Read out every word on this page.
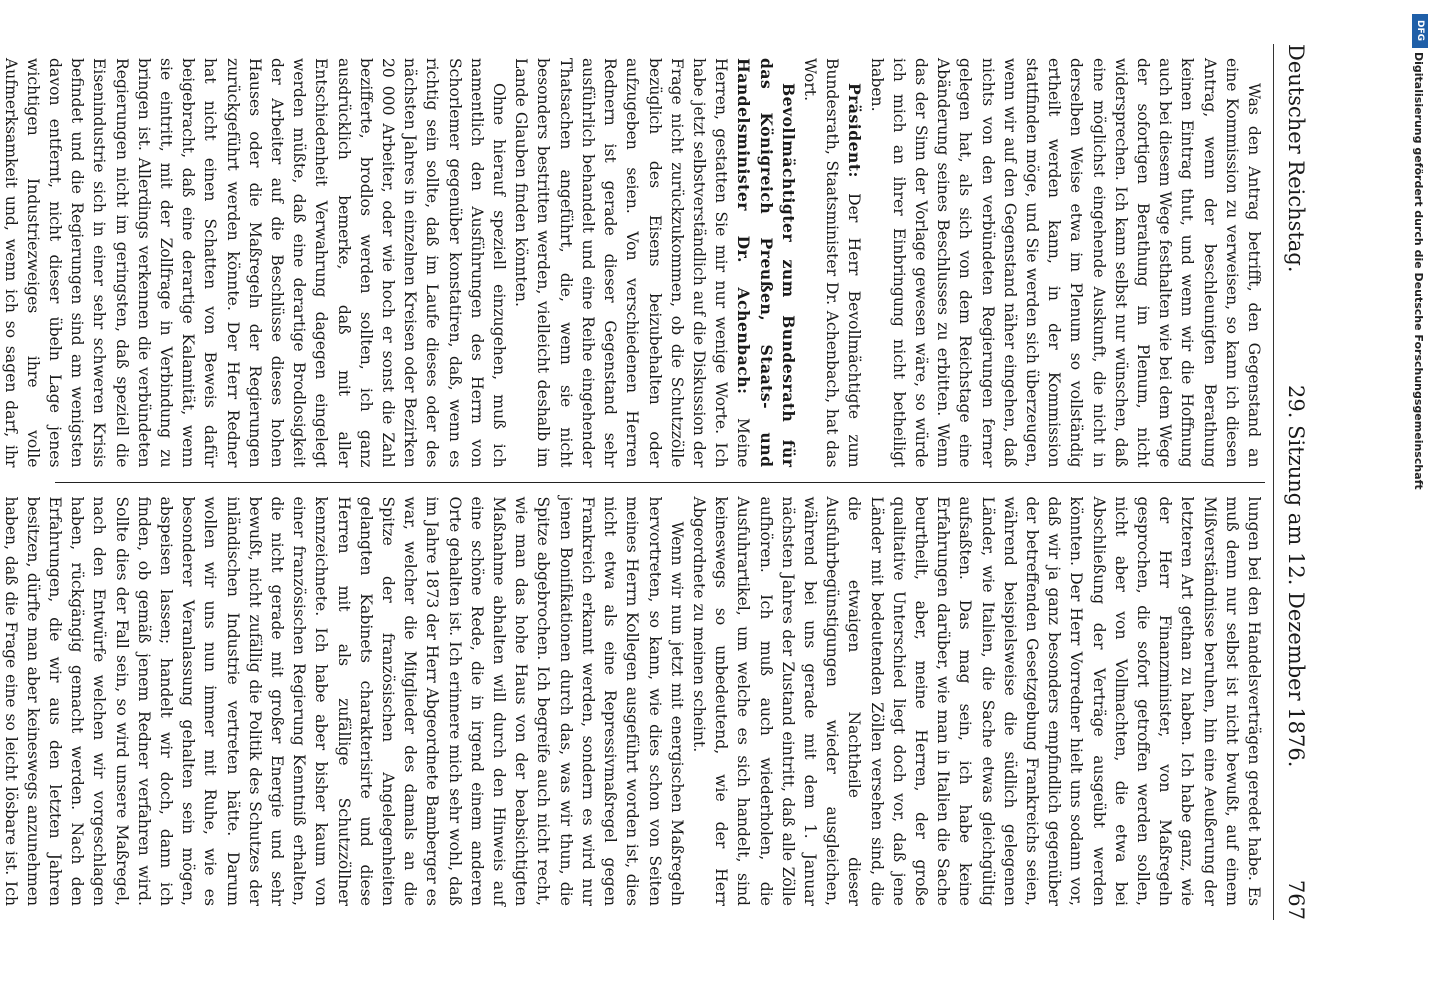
Deutscher Reichstag.
29. Sitzung am 12. Dezember 1876.
767

Was den Antrag betrifft, den Gegenstand an eine Kommission zu verweisen, so kann ich diesen Antrag, wenn der beschleunigten Berathung keinen Eintrag thut, und wenn wir die Hoffnung auch bei diesem Wege festhalten wie bei dem Wege der sofortigen Berathung im Plenum, nicht widersprechen. Ich kann selbst nur wünschen, daß eine möglichst eingehende Auskunft, die nicht in derselben Weise etwa im Plenum so vollständig ertheilt werden kann, in der Kommission stattfinden möge, und Sie werden sich überzeugen, wenn wir auf den Gegenstand näher eingehen, daß nichts von den verbündeten Regierungen ferner gelegen hat, als sich von dem Reichstage eine Abänderung seines Beschlusses zu erbitten. Wenn das der Sinn der Vorlage gewesen wäre, so würde ich mich an ihrer Einbringung nicht betheiligt haben.

Präsident: Der Herr Bevollmächtigte zum Bundesrath, Staatsminister Dr. Achenbach, hat das Wort.

Bevollmächtigter zum Bundesrath für das Königreich Preußen, Staats- und Handelsminister Dr. Achenbach: Meine Herren, gestatten Sie mir nur wenige Worte. Ich habe jetzt selbstverständlich auf die Diskussion der Frage nicht zurückzukommen, ob die Schutzzölle bezüglich des Eisens beizubehalten oder aufzugeben seien. Von verschiedenen Herren Rednern ist gerade dieser Gegenstand sehr ausführlich behandelt und eine Reihe eingehender Thatsachen angeführt, die, wenn sie nicht besonders bestritten werden, vielleicht deshalb im Lande Glauben finden könnten.

Ohne hierauf speziell einzugehen, muß ich namentlich den Ausführungen des Herrn von Schorlemer gegenüber konstatiren, daß, wenn es richtig sein sollte, daß im Laufe dieses oder des nächsten Jahres in einzelnen Kreisen oder Bezirken 20 000 Arbeiter, oder wie hoch er sonst die Zahl bezifferte, brodlos werden sollten, ich ganz ausdrücklich bemerke, daß mit aller Entschiedenheit Verwahrung dagegen eingelegt werden müßte, daß eine derartige Brodlosigkeit der Arbeiter auf die Beschlüsse dieses hohen Hauses oder die Maßregeln der Regierungen zurückgeführt werden könnte. Der Herr Redner hat nicht einen Schatten von Beweis dafür beigebracht, daß eine derartige Kalamität, wenn sie eintritt, mit der Zollfrage in Verbindung zu bringen ist. Allerdings verkennen die verbündeten Regierungen nicht im geringsten, daß speziell die Eisenindustrie sich in einer sehr schweren Krisis befindet und die Regierungen sind am wenigsten davon entfernt, nicht dieser übeln Lage jenes wichtigen Industriezweiges ihre volle Aufmerksamkeit und, wenn ich so sagen darf, ihr

lungen bei den Handelsverträgen geredet habe. Es muß denn nur selbst ist nicht bewußt, auf einem Mißverständnisse beruhen, hin eine Aeußerung der letzteren Art gethan zu haben. Ich habe ganz, wie der Herr Finanzminister, von Maßregeln gesprochen, die sofort getroffen werden sollen, nicht aber von Vollmachten, die etwa bei Abschließung der Verträge ausgeübt werden könnten. Der Herr Vorredner hielt uns sodann vor, daß wir ja ganz besonders empfindlich gegenüber der betreffenden Gesetzgebung Frankreichs seien, während beispielsweise die südlich gelegenen Länder, wie Italien, die Sache etwas gleichgültig aufsaßten. Das mag sein, ich habe keine Erfahrungen darüber, wie man in Italien die Sache beurtheilt, aber, meine Herren, der große qualitative Unterschied liegt doch vor, daß jene Länder mit bedeutenden Zöllen versehen sind, die die etwaigen Nachtheile dieser Ausfuhrbegünstigungen wieder ausgleichen, während bei uns gerade mit dem 1. Januar nächsten Jahres der Zustand eintritt, daß alle Zölle aufhören. Ich muß auch wiederholen, die Ausfuhrartikel, um welche es sich handelt, sind keineswegs so unbedeutend, wie der Herr Abgeordnete zu meinen scheint.

Wenn wir nun jetzt mit energischen Maßregeln hervortreten, so kann, wie dies schon von Seiten meines Herrn Kollegen ausgeführt worden ist, dies nicht etwa als eine Repressivmaßregel gegen Frankreich erkannt werden, sondern es wird nur jenen Bonifikationen durch das, was wir thun, die Spitze abgebrochen. Ich begreife auch nicht recht, wie man das hohe Haus von der beabsichtigten Maßnahme abhalten will durch den Hinweis auf eine schöne Rede, die in irgend einem anderen Orte gehalten ist. Ich erinnere mich sehr wohl, daß im Jahre 1873 der Herr Abgeordnete Bamberger es war, welcher die Mitglieder des damals an die Spitze der französischen Angelegenheiten gelangten Kabinets charakterisirte und diese Herren mit als zufällige Schutzzöllner kennzeichnete. Ich habe aber bisher kaum von einer französischen Regierung Kenntniß erhalten, die nicht gerade mit großer Energie und sehr bewußt, nicht zufällig die Politik des Schutzes der inländischen Industrie vertreten hätte. Darum wollen wir uns nun immer mit Ruhe, wie es besonderer Veranlassung gehalten sein mögen, abspeisen lassen; handelt wir doch, dann ich finden, ob gemäß jenem Redner verfahren wird. Sollte dies der Fall sein, so wird unsere Maßregel, nach den Entwürfe welchen wir vorgeschlagen haben, rückgängig gemacht werden. Nach den Erfahrungen, die wir aus den letzten Jahren besitzen, dürfte man aber keineswegs anzunehmen haben, daß die Frage eine so leicht lösbare ist. Ich

DFG
Digitalisierung gefördert durch die Deutsche Forschungsgemeinschaft
